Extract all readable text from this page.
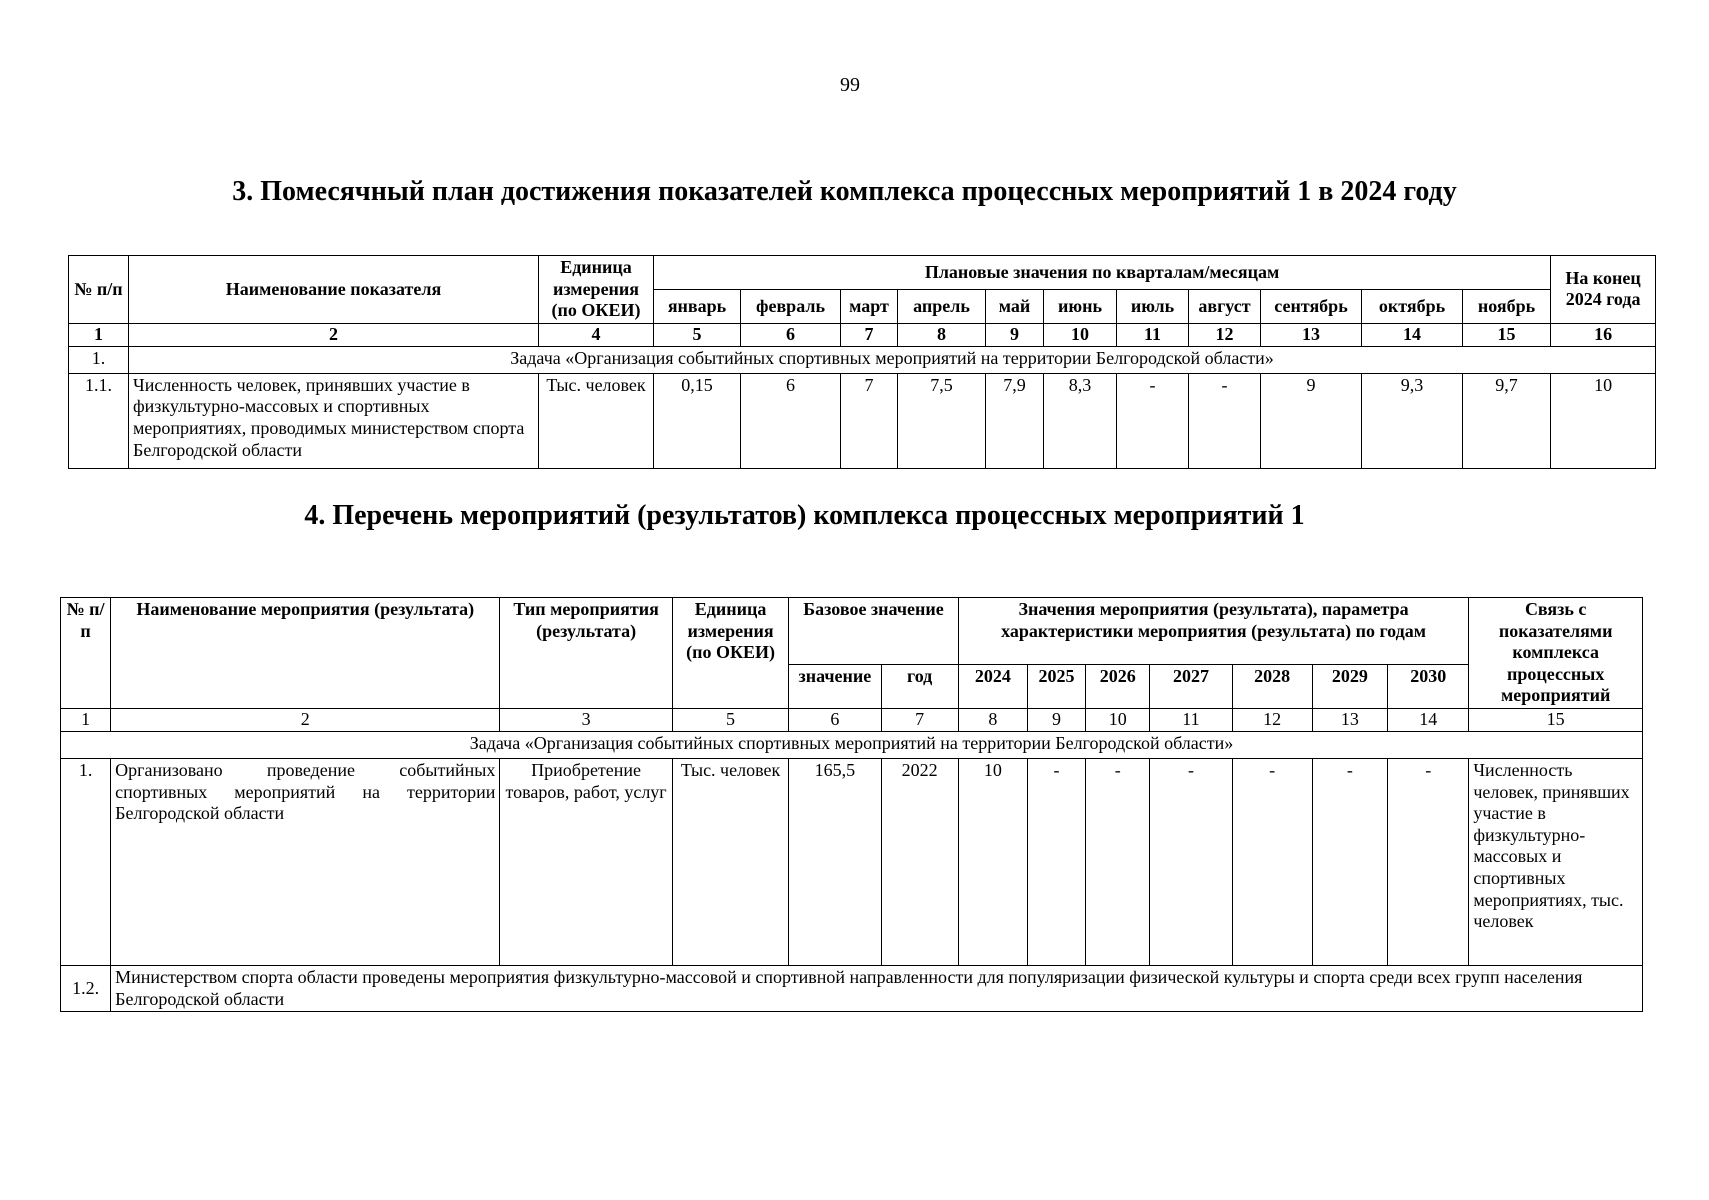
99
3. Помесячный план достижения показателей комплекса процессных мероприятий 1 в 2024 году
№ п/п	Наименование показателя	Единица измерения (по ОКЕИ)	Плановые значения по кварталам/месяцам											На конец 2024 года
			январь	февраль	март	апрель	май	июнь	июль	август	сентябрь	октябрь	ноябрь	
1	2	4	5	6	7	8	9	10	11	12	13	14	15	16
1.	Задача «Организация событийных спортивных мероприятий на территории Белгородской области»													
1.1.	Численность человек, принявших участие в физкультурно-массовых и спортивных мероприятиях, проводимых министерством спорта Белгородской области	Тыс. человек	0,15	6	7	7,5	7,9	8,3	-	-	9	9,3	9,7	10
4. Перечень мероприятий (результатов) комплекса процессных мероприятий 1
№ п/п	Наименование мероприятия (результата)	Тип мероприятия (результата)	Единица измерения (по ОКЕИ)	Базовое значение		Значения мероприятия (результата), параметра характеристики мероприятия (результата) по годам							Связь с показателями комплекса процессных мероприятий
				значение	год	2024	2025	2026	2027	2028	2029	2030	
1	2	3	5	6	7	8	9	10	11	12	13	14	15
Задача «Организация событийных спортивных мероприятий на территории Белгородской области»													
1.	Организовано проведение событийных спортивных мероприятий на территории Белгородской области	Приобретение товаров, работ, услуг	Тыс. человек	165,5	2022	10	-	-	-	-	-	-	Численность человек, принявших участие в физкультурно-массовых и спортивных мероприятиях, тыс. человек
1.2.	Министерством спорта области проведены мероприятия физкультурно-массовой и спортивной направленности для популяризации физической культуры и спорта среди всех групп населения Белгородской области												
